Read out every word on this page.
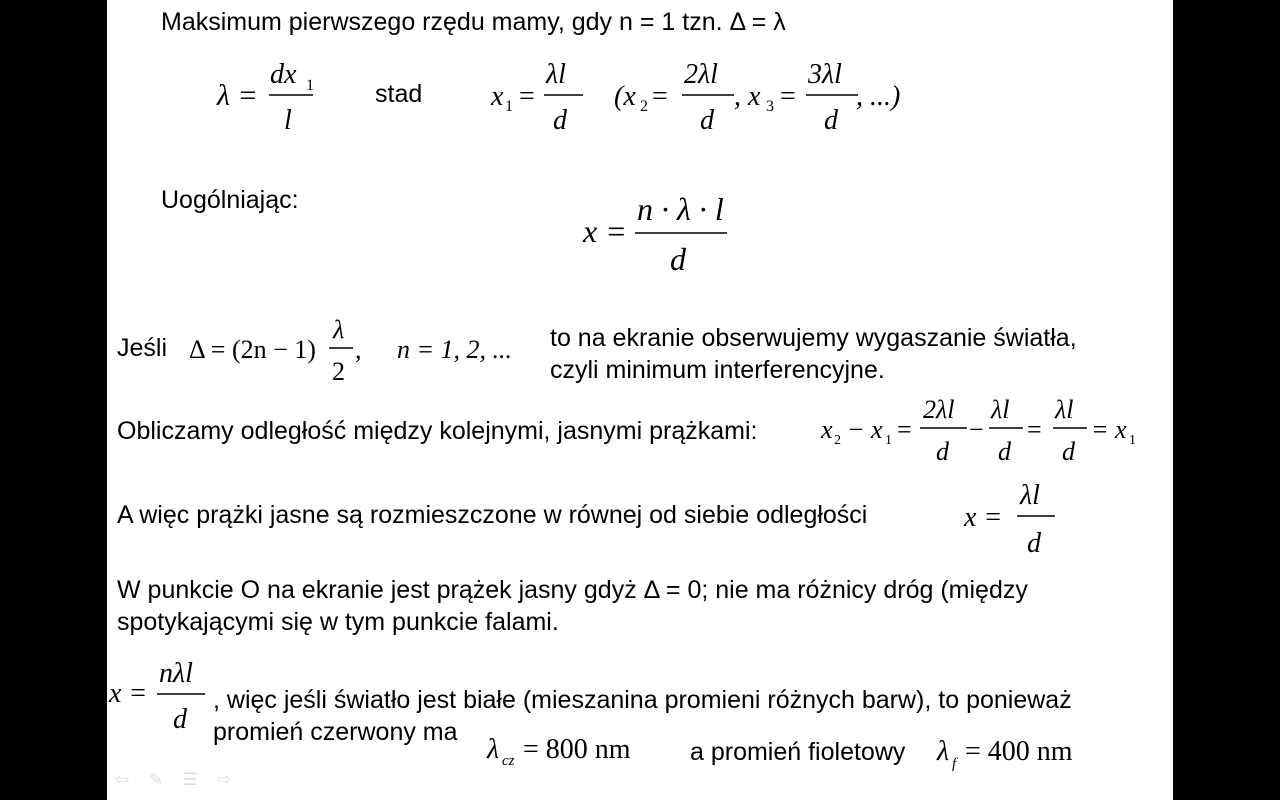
Maksimum pierwszego rzędu mamy, gdy n = 1 tzn. Δ = λ
λ =
dx 1
l
stad x 1 =
λl
d
(x 2 =
2λl
d
, x 3 =
3λl
d
, ...)
Uogólniając:
x =
n · λ · l
d
Jeśli Δ = (2n − 1)
λ
2
, n = 1, 2, ... to na ekranie obserwujemy wygaszanie światła,
czyli minimum interferencyjne.
Obliczamy odległość między kolejnymi, jasnymi prążkami: x 2 − x 1 =
2λl
d
−
λl
d
=
λl
d
= x 1
A więc prążki jasne są rozmieszczone w równej od siebie odległości	x =
λl
d
W punkcie O na ekranie jest prążek jasny gdyż Δ = 0; nie ma różnicy dróg (między
spotykającymi się w tym punkcie falami.
x =
nλl
d
, więc jeśli światło jest białe (mieszanina promieni różnych barw), to ponieważ
promień czerwony ma
λ cz = 800 nm a promień fioletowy λ f = 400 nm
⇦ ✎ ☰ ⇨
